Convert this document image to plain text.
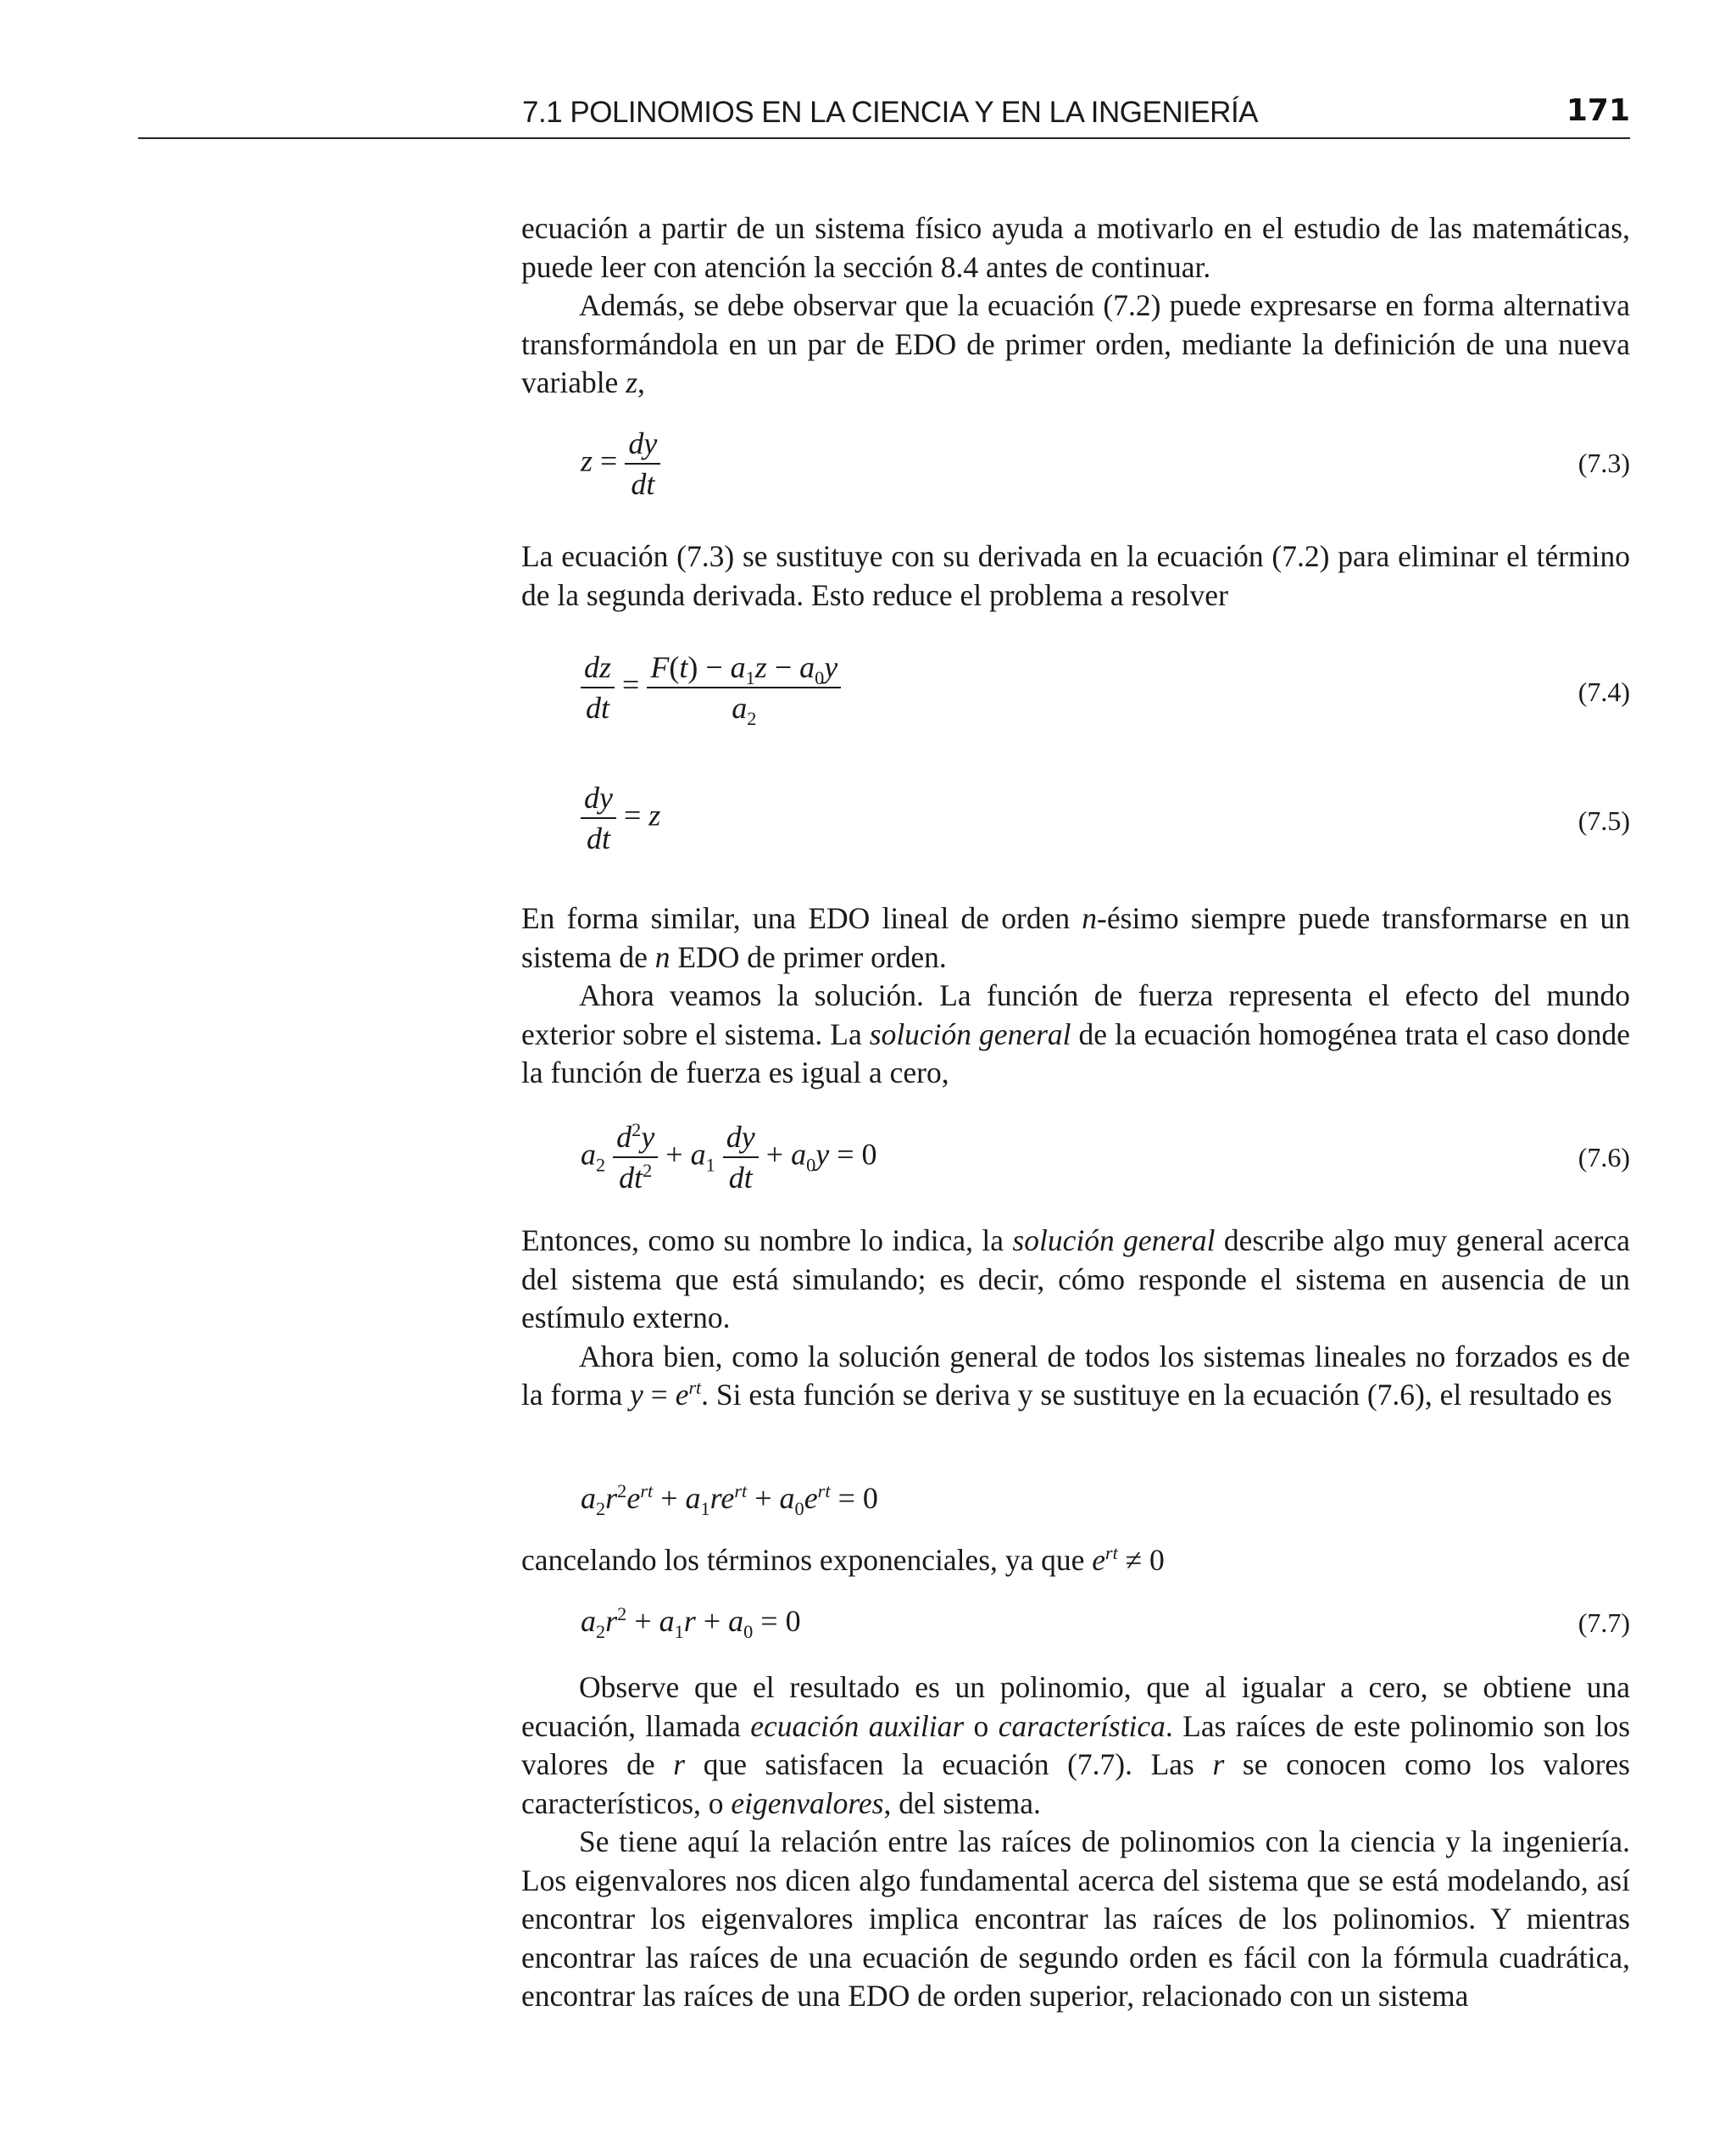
7.1 POLINOMIOS EN LA CIENCIA Y EN LA INGENIERÍA	171

ecuación a partir de un sistema físico ayuda a motivarlo en el estudio de las matemáticas, puede leer con atención la sección 8.4 antes de continuar.

Además, se debe observar que la ecuación (7.2) puede expresarse en forma alternativa transformándola en un par de EDO de primer orden, mediante la definición de una nueva variable z,

$z = \frac{dy}{dt}$	(7.3)

La ecuación (7.3) se sustituye con su derivada en la ecuación (7.2) para eliminar el término de la segunda derivada. Esto reduce el problema a resolver

$\frac{dz}{dt} = \frac{F(t) - a_1z - a_0y}{a_2}$	(7.4)
$\frac{dy}{dt} = z$	(7.5)

En forma similar, una EDO lineal de orden n-ésimo siempre puede transformarse en un sistema de n EDO de primer orden.

Ahora veamos la solución. La función de fuerza representa el efecto del mundo exterior sobre el sistema. La solución general de la ecuación homogénea trata el caso donde la función de fuerza es igual a cero,

$a_2 \frac{d^2y}{dt^2} + a_1 \frac{dy}{dt} + a_0y = 0$	(7.6)

Entonces, como su nombre lo indica, la solución general describe algo muy general acerca del sistema que está simulando; es decir, cómo responde el sistema en ausencia de un estímulo externo.

Ahora bien, como la solución general de todos los sistemas lineales no forzados es de la forma $y = e^{rt}$. Si esta función se deriva y se sustituye en la ecuación (7.6), el resultado es

$a_2r^2e^{rt} + a_1re^{rt} + a_0e^{rt} = 0$

cancelando los términos exponenciales, ya que $e^{rt} \ne 0$

$a_2r^2 + a_1r + a_0 = 0$	(7.7)

Observe que el resultado es un polinomio, que al igualar a cero, se obtiene una ecuación, llamada ecuación auxiliar o característica. Las raíces de este polinomio son los valores de r que satisfacen la ecuación (7.7). Las r se conocen como los valores característicos, o eigenvalores, del sistema.

Se tiene aquí la relación entre las raíces de polinomios con la ciencia y la ingeniería. Los eigenvalores nos dicen algo fundamental acerca del sistema que se está modelando, así encontrar los eigenvalores implica encontrar las raíces de los polinomios. Y mientras encontrar las raíces de una ecuación de segundo orden es fácil con la fórmula cuadrática, encontrar las raíces de una EDO de orden superior, relacionado con un sistema
